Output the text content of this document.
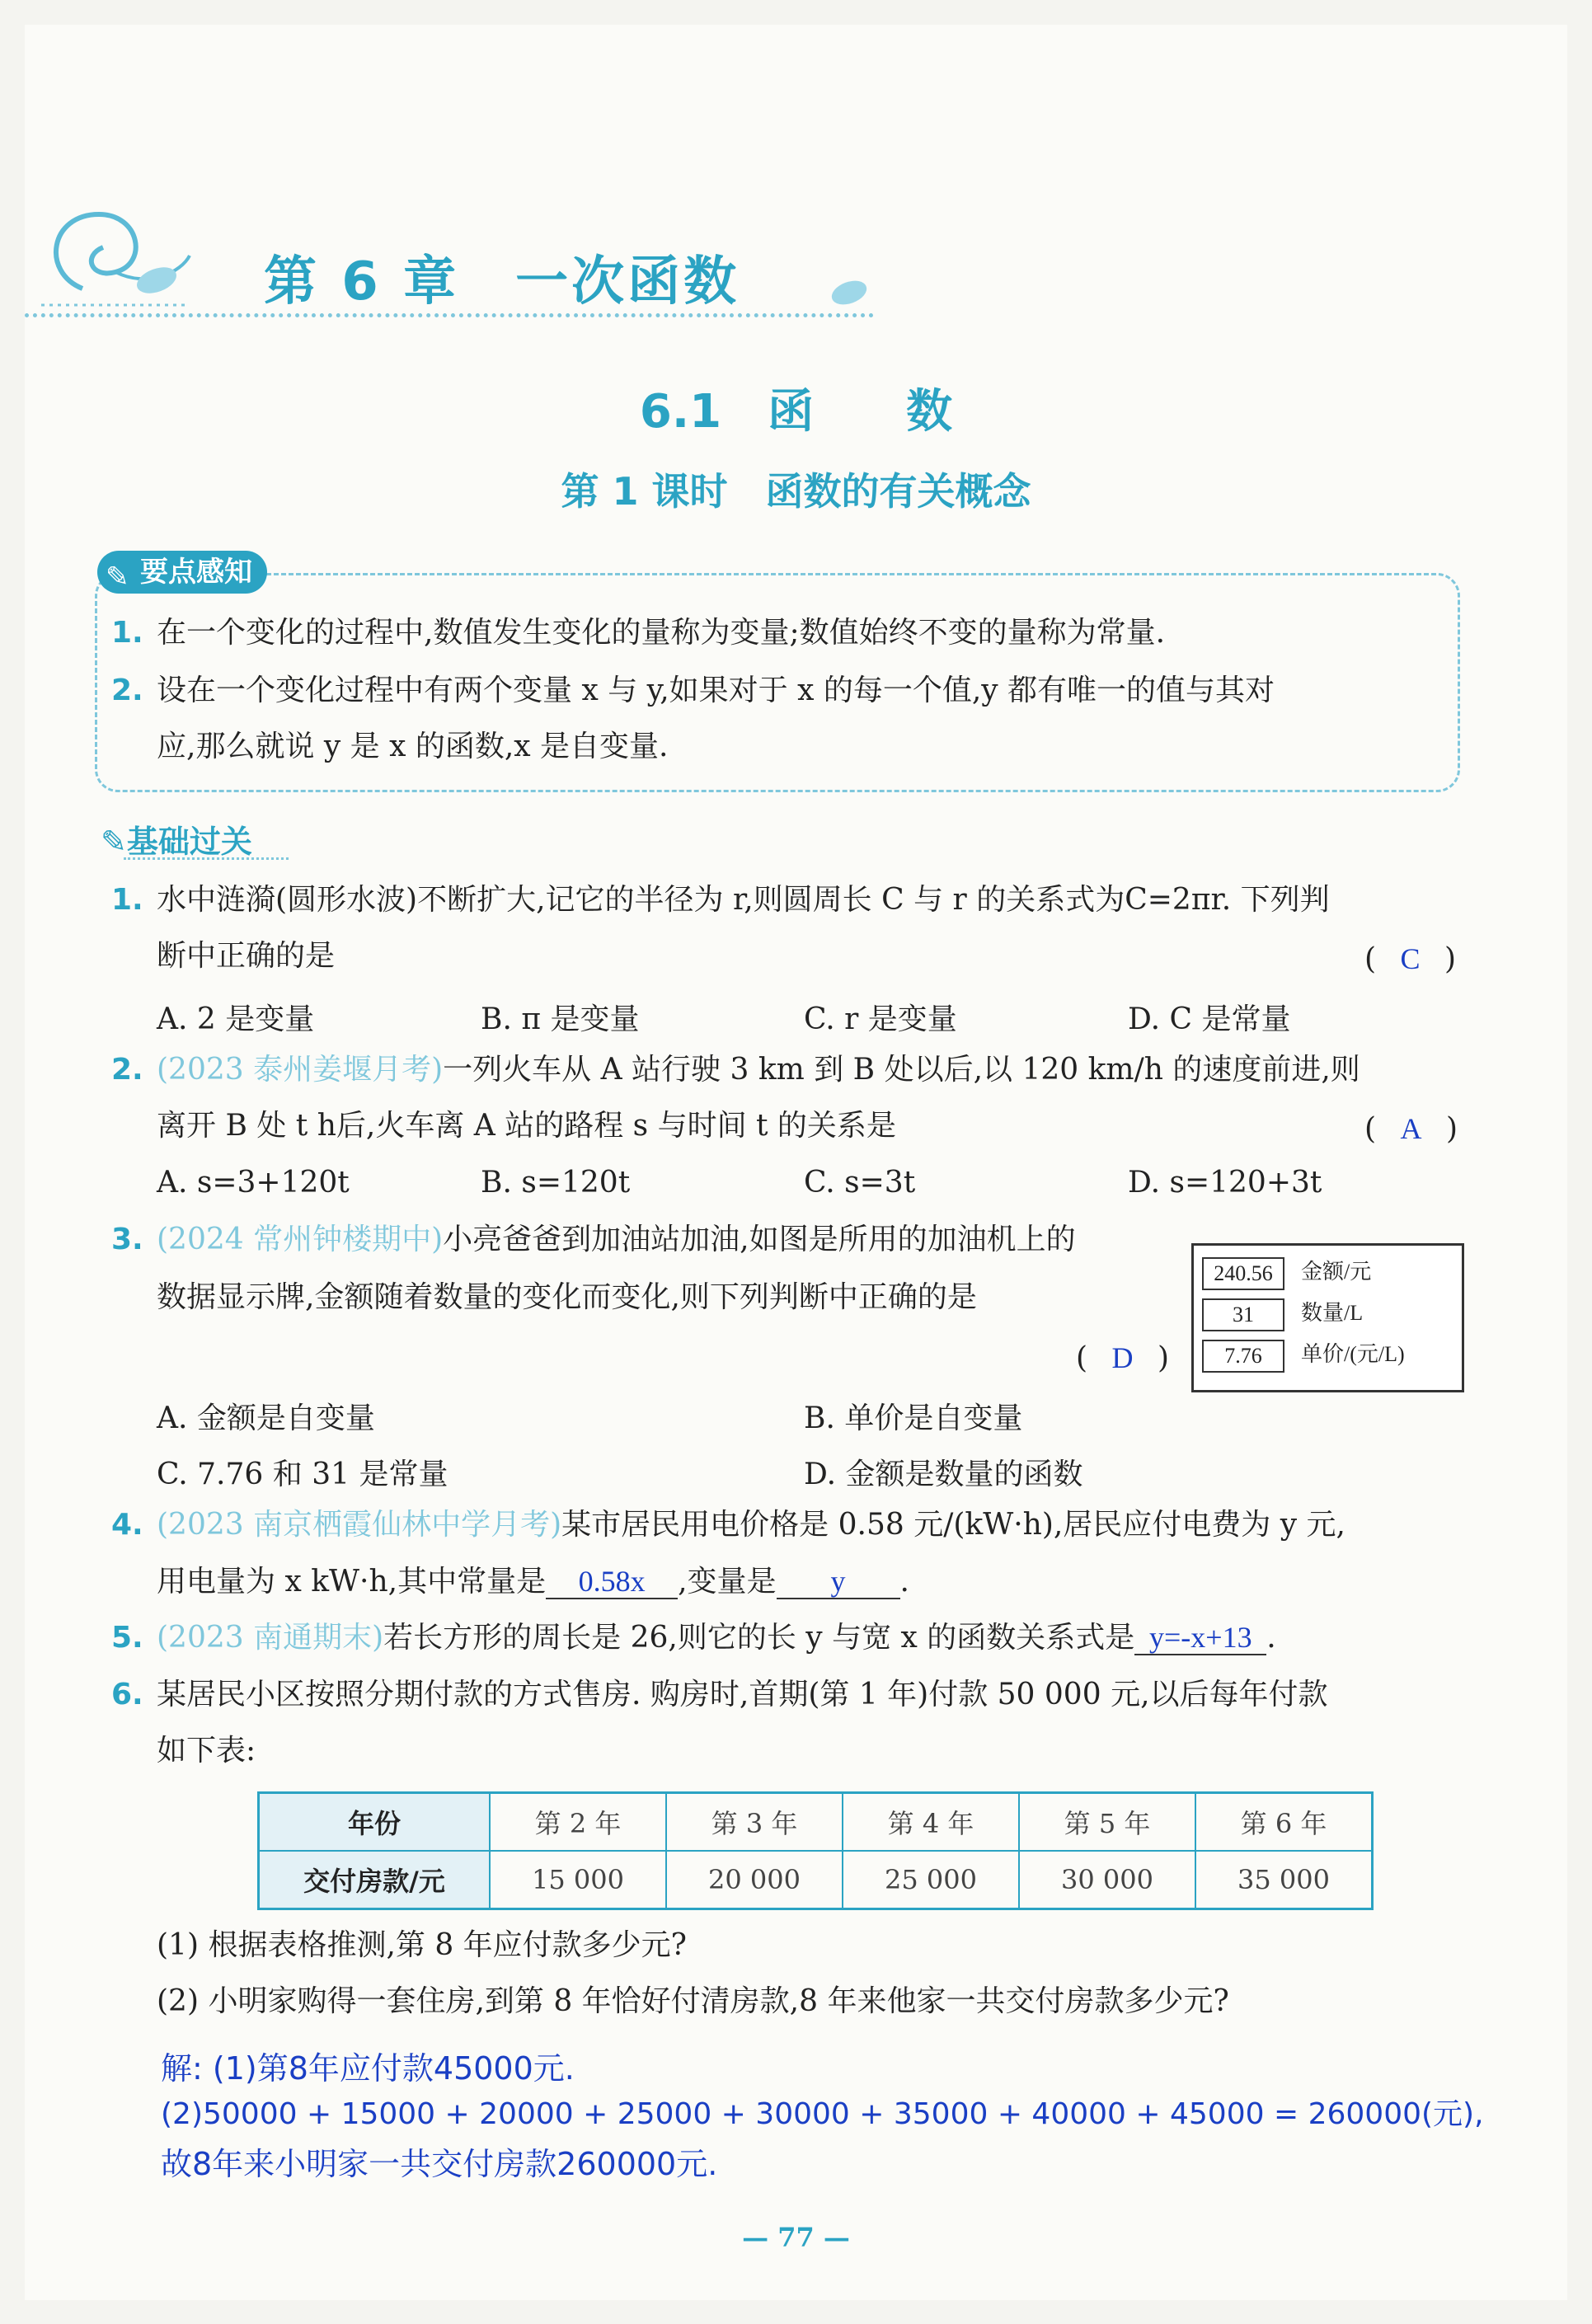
第 6 章　一次函数
6.1　函　　数
第 1 课时　函数的有关概念
✎ 要点感知
1. 在一个变化的过程中,数值发生变化的量称为变量;数值始终不变的量称为常量.
2. 设在一个变化过程中有两个变量 x 与 y,如果对于 x 的每一个值,y 都有唯一的值与其对
应,那么就说 y 是 x 的函数,x 是自变量.
✎基础过关
1. 水中涟漪(圆形水波)不断扩大,记它的半径为 r,则圆周长 C 与 r 的关系式为C=2πr. 下列判
断中正确的是	( C )
A. 2 是变量	B. π 是变量	C. r 是变量	D. C 是常量
2. (2023 泰州姜堰月考)一列火车从 A 站行驶 3 km 到 B 处以后,以 120 km/h 的速度前进,则
离开 B 处 t h后,火车离 A 站的路程 s 与时间 t 的关系是	( A )
A. s=3+120t	B. s=120t	C. s=3t	D. s=120+3t
3. (2024 常州钟楼期中)小亮爸爸到加油站加油,如图是所用的加油机上的
数据显示牌,金额随着数量的变化而变化,则下列判断中正确的是
( D )
240.56	金额/元
31	数量/L
7.76	单价/(元/L)
A. 金额是自变量	B. 单价是自变量
C. 7.76 和 31 是常量	D. 金额是数量的函数
4. (2023 南京栖霞仙林中学月考)某市居民用电价格是 0.58 元/(kW·h),居民应付电费为 y 元,
用电量为 x kW·h,其中常量是 0.58x ,变量是 y .
5. (2023 南通期末)若长方形的周长是 26,则它的长 y 与宽 x 的函数关系式是 y=-x+13 .
6. 某居民小区按照分期付款的方式售房. 购房时,首期(第 1 年)付款 50 000 元,以后每年付款
如下表:
年份	第 2 年	第 3 年	第 4 年	第 5 年	第 6 年
交付房款/元	15 000	20 000	25 000	30 000	35 000
(1) 根据表格推测,第 8 年应付款多少元?
(2) 小明家购得一套住房,到第 8 年恰好付清房款,8 年来他家一共交付房款多少元?
解: (1)第8年应付款45000元.
(2)50000 + 15000 + 20000 + 25000 + 30000 + 35000 + 40000 + 45000 = 260000(元),
故8年来小明家一共交付房款260000元.
— 77 —
